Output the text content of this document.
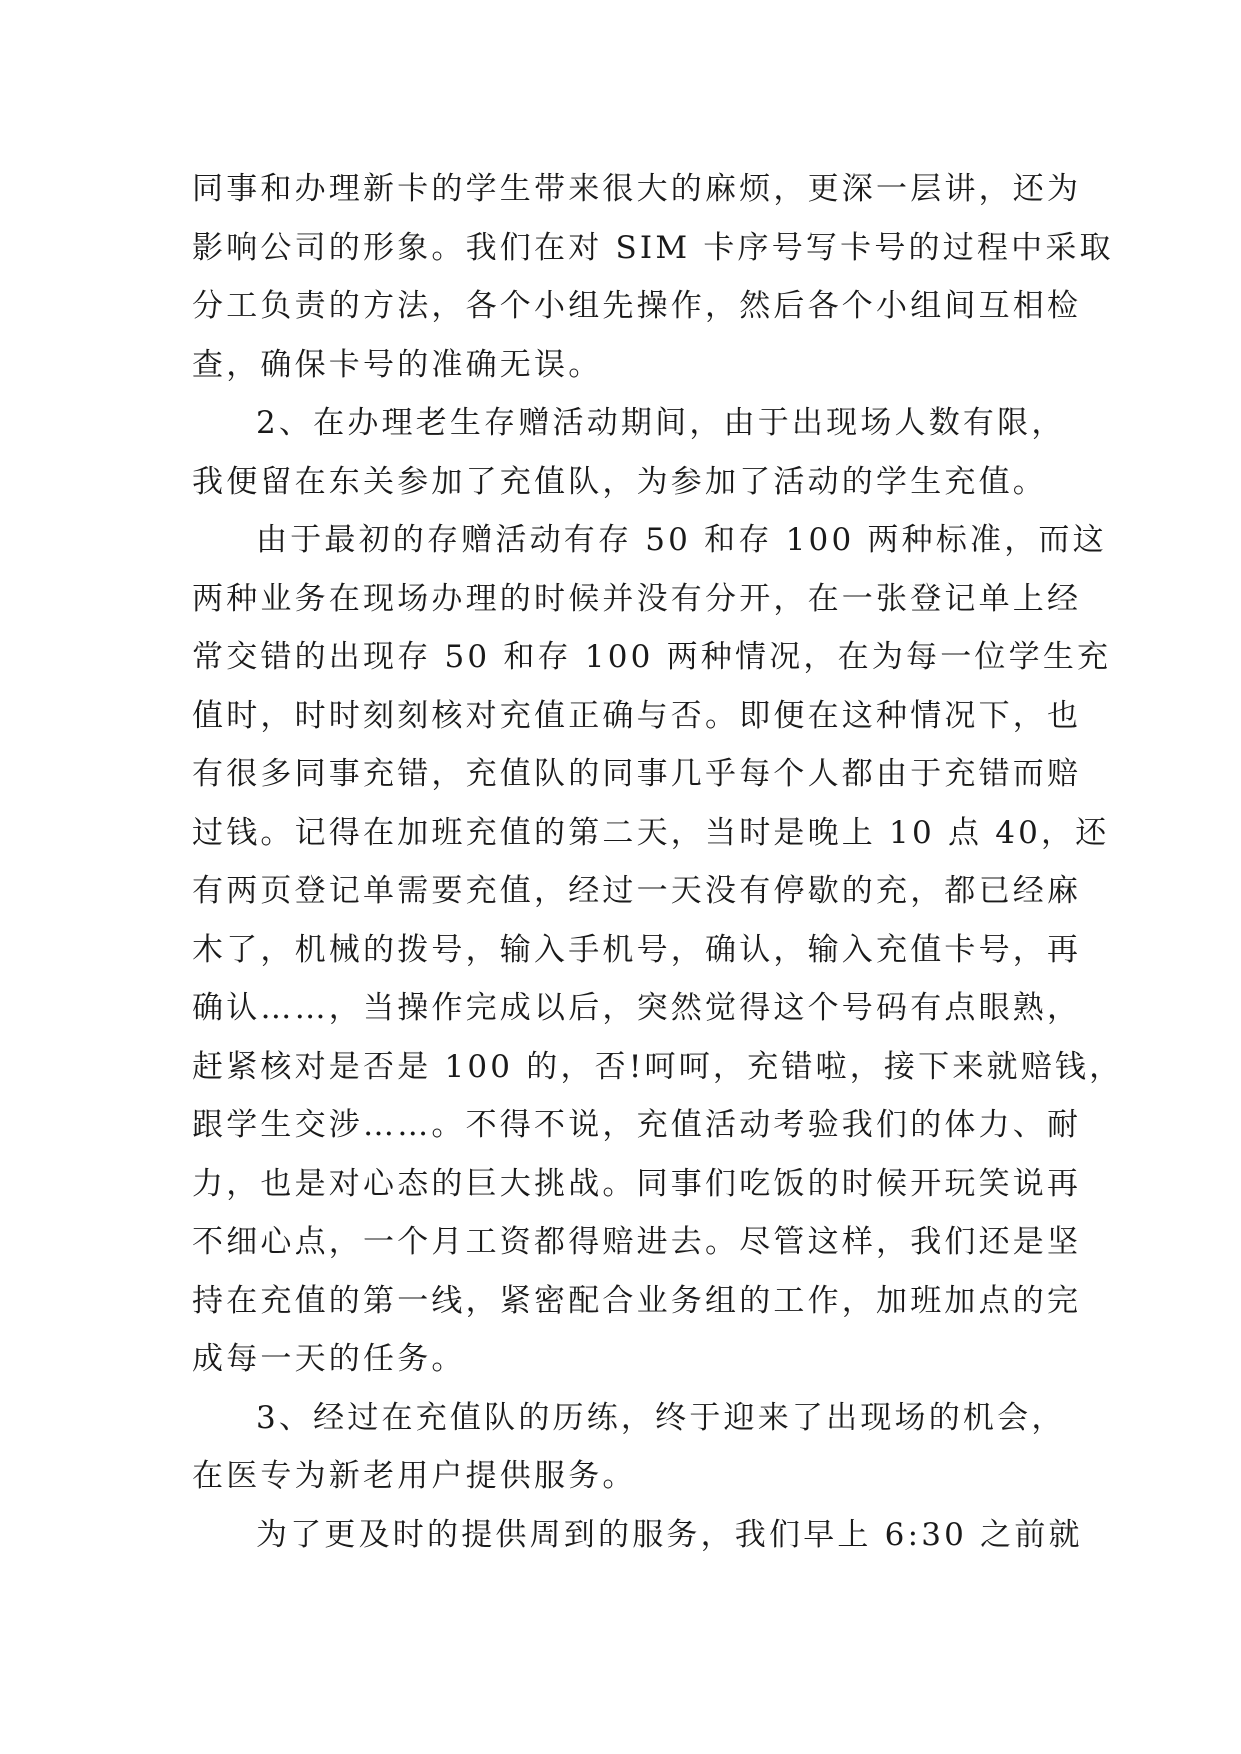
同事和办理新卡的学生带来很大的麻烦，更深一层讲，还为
影响公司的形象。我们在对 SIM 卡序号写卡号的过程中采取
分工负责的方法，各个小组先操作，然后各个小组间互相检
查，确保卡号的准确无误。
2、在办理老生存赠活动期间，由于出现场人数有限，
我便留在东关参加了充值队，为参加了活动的学生充值。
由于最初的存赠活动有存 50 和存 100 两种标准，而这
两种业务在现场办理的时候并没有分开，在一张登记单上经
常交错的出现存 50 和存 100 两种情况，在为每一位学生充
值时，时时刻刻核对充值正确与否。即便在这种情况下，也
有很多同事充错，充值队的同事几乎每个人都由于充错而赔
过钱。记得在加班充值的第二天，当时是晚上 10 点 40，还
有两页登记单需要充值，经过一天没有停歇的充，都已经麻
木了，机械的拨号，输入手机号，确认，输入充值卡号，再
确认……，当操作完成以后，突然觉得这个号码有点眼熟，
赶紧核对是否是 100 的，否!呵呵，充错啦，接下来就赔钱，
跟学生交涉……。不得不说，充值活动考验我们的体力、耐
力，也是对心态的巨大挑战。同事们吃饭的时候开玩笑说再
不细心点，一个月工资都得赔进去。尽管这样，我们还是坚
持在充值的第一线，紧密配合业务组的工作，加班加点的完
成每一天的任务。
3、经过在充值队的历练，终于迎来了出现场的机会，
在医专为新老用户提供服务。
为了更及时的提供周到的服务，我们早上 6:30 之前就
